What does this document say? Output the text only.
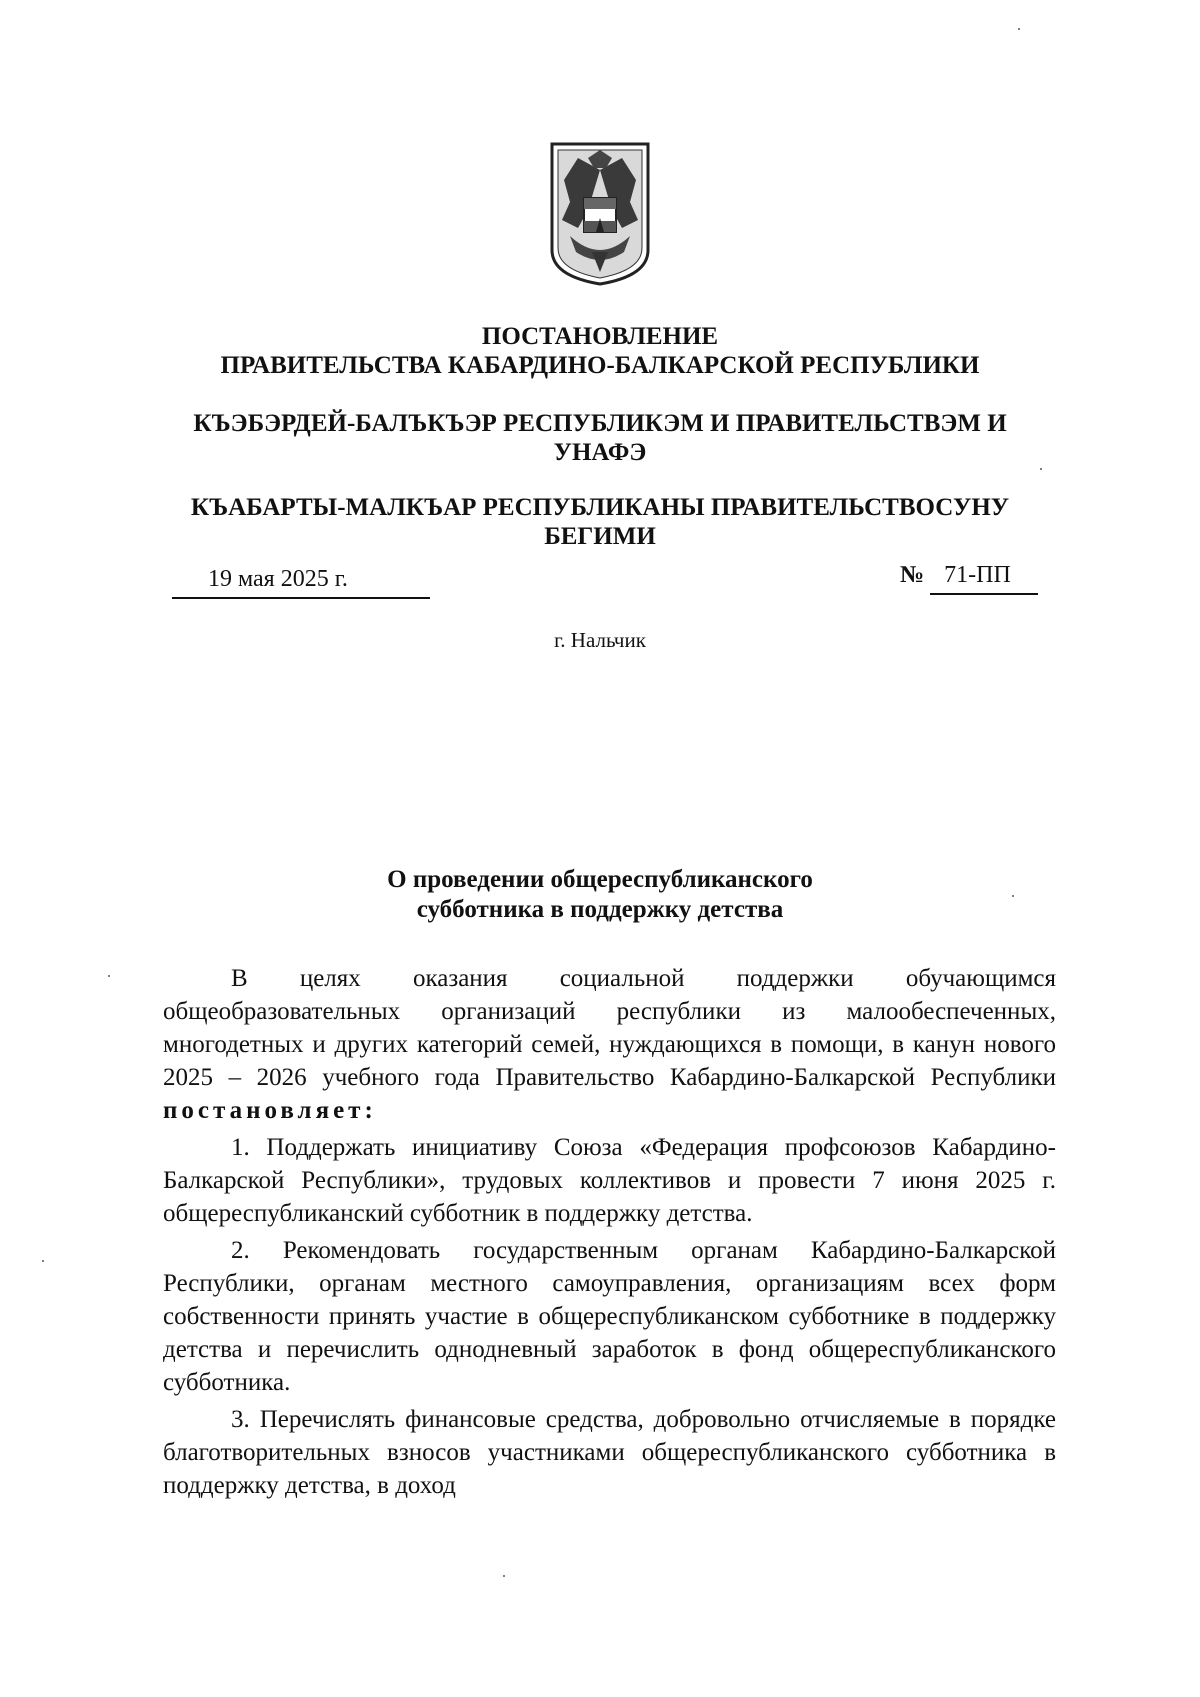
ПОСТАНОВЛЕНИЕ
ПРАВИТЕЛЬСТВА КАБАРДИНО-БАЛКАРСКОЙ РЕСПУБЛИКИ
КЪЭБЭРДЕЙ-БАЛЪКЪЭР РЕСПУБЛИКЭМ И ПРАВИТЕЛЬСТВЭМ И УНАФЭ
КЪАБАРТЫ-МАЛКЪАР РЕСПУБЛИКАНЫ ПРАВИТЕЛЬСТВОСУНУ БЕГИМИ
19 мая 2025 г.	№ 71-ПП
г. Нальчик
О проведении общереспубликанского
субботника в поддержку детства

В целях оказания социальной поддержки обучающимся общеобразовательных организаций республики из малообеспеченных, многодетных и других категорий семей, нуждающихся в помощи, в канун нового 2025 – 2026 учебного года Правительство Кабардино-Балкарской Республики постановляет:

1. Поддержать инициативу Союза «Федерация профсоюзов Кабардино-Балкарской Республики», трудовых коллективов и провести 7 июня 2025 г. общереспубликанский субботник в поддержку детства.

2. Рекомендовать государственным органам Кабардино-Балкарской Республики, органам местного самоуправления, организациям всех форм собственности принять участие в общереспубликанском субботнике в поддержку детства и перечислить однодневный заработок в фонд общереспубликанского субботника.

3. Перечислять финансовые средства, добровольно отчисляемые в порядке благотворительных взносов участниками общереспубликанского субботника в поддержку детства, в доход
